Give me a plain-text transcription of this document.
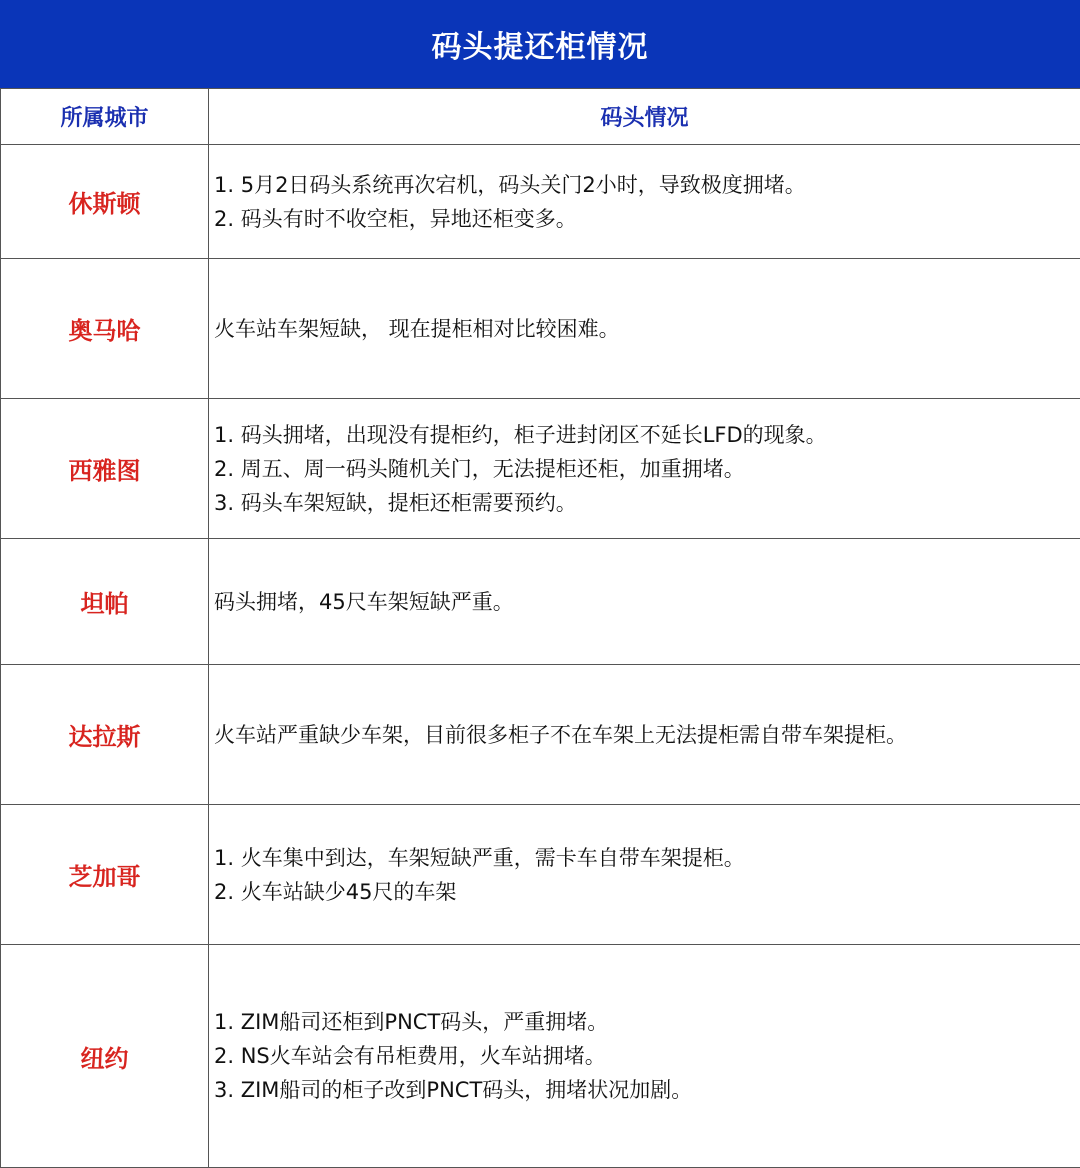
码头提还柜情况
所属城市	码头情况
休斯顿	1. 5月2日码头系统再次宕机，码头关门2小时，导致极度拥堵。
2. 码头有时不收空柜，异地还柜变多。

奥马哈	火车站车架短缺， 现在提柜相对比较困难。

西雅图	1. 码头拥堵，出现没有提柜约，柜子进封闭区不延长LFD的现象。
2. 周五、周一码头随机关门，无法提柜还柜，加重拥堵。
3. 码头车架短缺，提柜还柜需要预约。

坦帕	码头拥堵，45尺车架短缺严重。

达拉斯	火车站严重缺少车架，目前很多柜子不在车架上无法提柜需自带车架提柜。

芝加哥	1. 火车集中到达，车架短缺严重，需卡车自带车架提柜。
2. 火车站缺少45尺的车架

纽约	1. ZIM船司还柜到PNCT码头，严重拥堵。
2. NS火车站会有吊柜费用，火车站拥堵。
3. ZIM船司的柜子改到PNCT码头，拥堵状况加剧。
